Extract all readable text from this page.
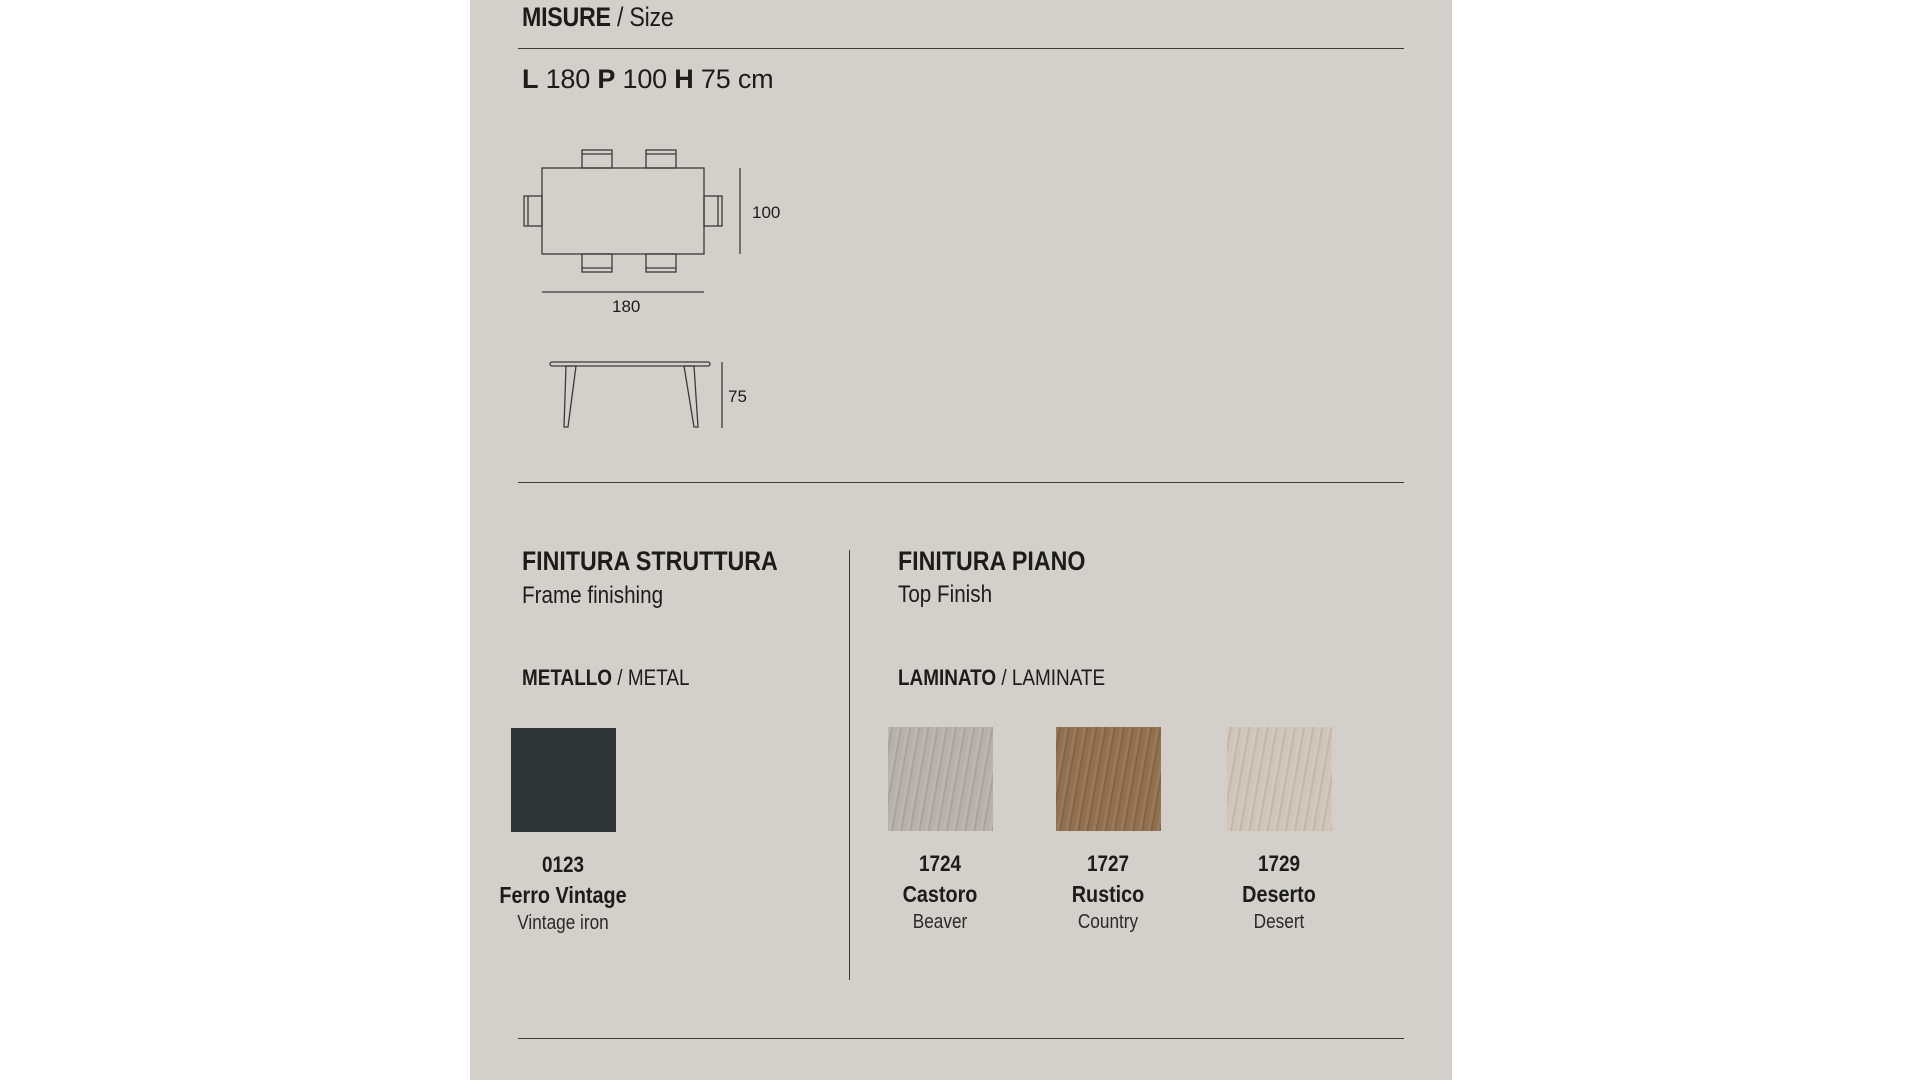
MISURE / Size
L 180 P 100 H 75 cm
100
180
75
FINITURA STRUTTURA
Frame finishing
METALLO / METAL
0123
Ferro Vintage
Vintage iron
FINITURA PIANO
Top Finish
LAMINATO / LAMINATE
1724
Castoro
Beaver
1727
Rustico
Country
1729
Deserto
Desert
